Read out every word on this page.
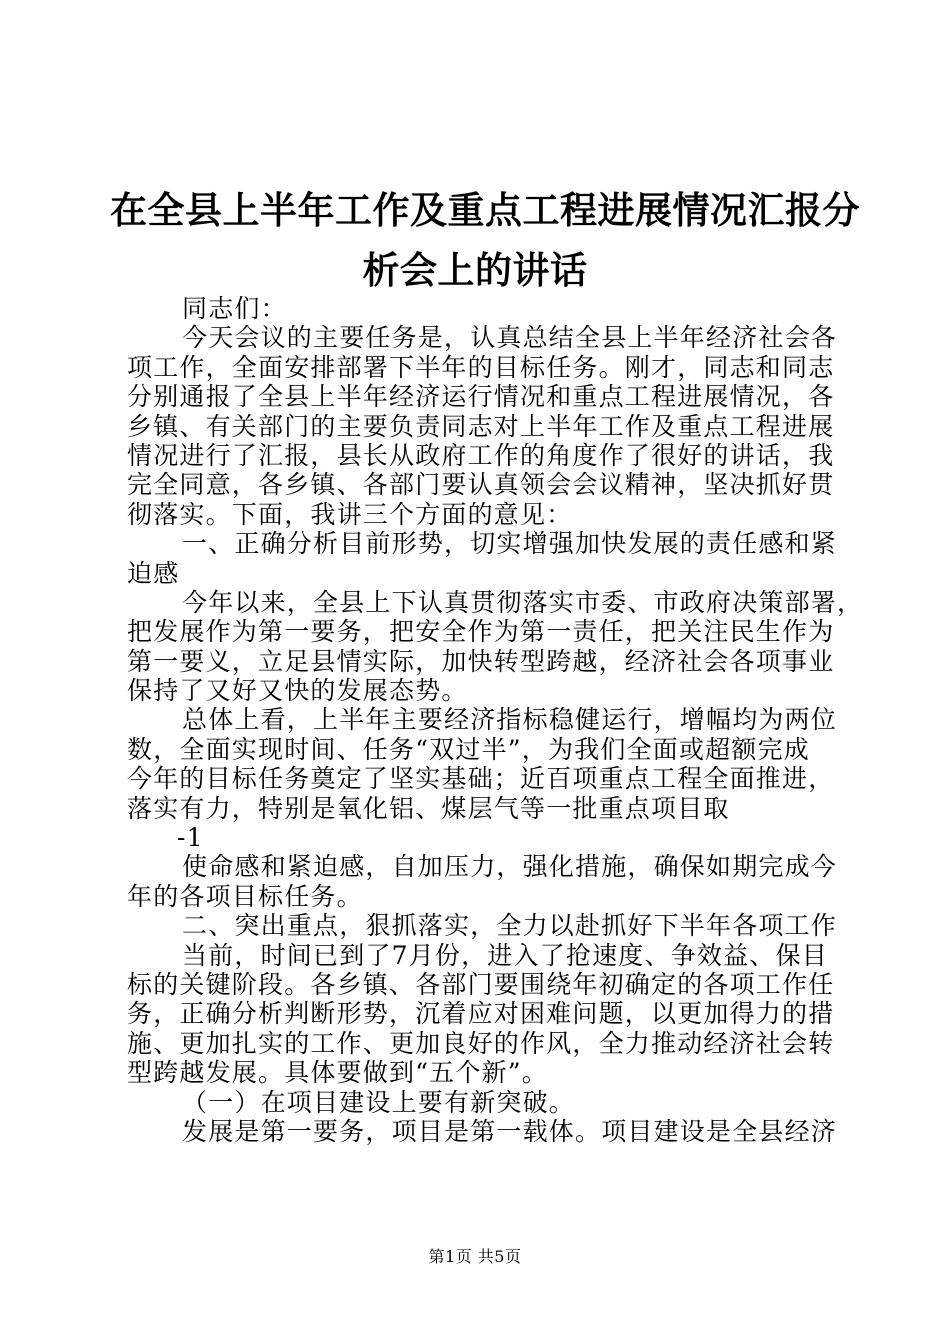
在全县上半年工作及重点工程进展情况汇报分
析会上的讲话
同志们：
今天会议的主要任务是，认真总结全县上半年经济社会各
项工作，全面安排部署下半年的目标任务。刚才，同志和同志
分别通报了全县上半年经济运行情况和重点工程进展情况，各
乡镇、有关部门的主要负责同志对上半年工作及重点工程进展
情况进行了汇报，县长从政府工作的角度作了很好的讲话，我
完全同意，各乡镇、各部门要认真领会会议精神，坚决抓好贯
彻落实。下面，我讲三个方面的意见：
一、正确分析目前形势，切实增强加快发展的责任感和紧
迫感
今年以来，全县上下认真贯彻落实市委、市政府决策部署，
把发展作为第一要务，把安全作为第一责任，把关注民生作为
第一要义，立足县情实际，加快转型跨越，经济社会各项事业
保持了又好又快的发展态势。
总体上看，上半年主要经济指标稳健运行，增幅均为两位
数，全面实现时间、任务“双过半”，为我们全面或超额完成
今年的目标任务奠定了坚实基础；近百项重点工程全面推进，
落实有力，特别是氧化铝、煤层气等一批重点项目取
-1
使命感和紧迫感，自加压力，强化措施，确保如期完成今
年的各项目标任务。
二、突出重点，狠抓落实，全力以赴抓好下半年各项工作
当前，时间已到了7月份，进入了抢速度、争效益、保目
标的关键阶段。各乡镇、各部门要围绕年初确定的各项工作任
务，正确分析判断形势，沉着应对困难问题，以更加得力的措
施、更加扎实的工作、更加良好的作风，全力推动经济社会转
型跨越发展。具体要做到“五个新”。
（一）在项目建设上要有新突破。
发展是第一要务，项目是第一载体。项目建设是全县经济
第1页 共5页
